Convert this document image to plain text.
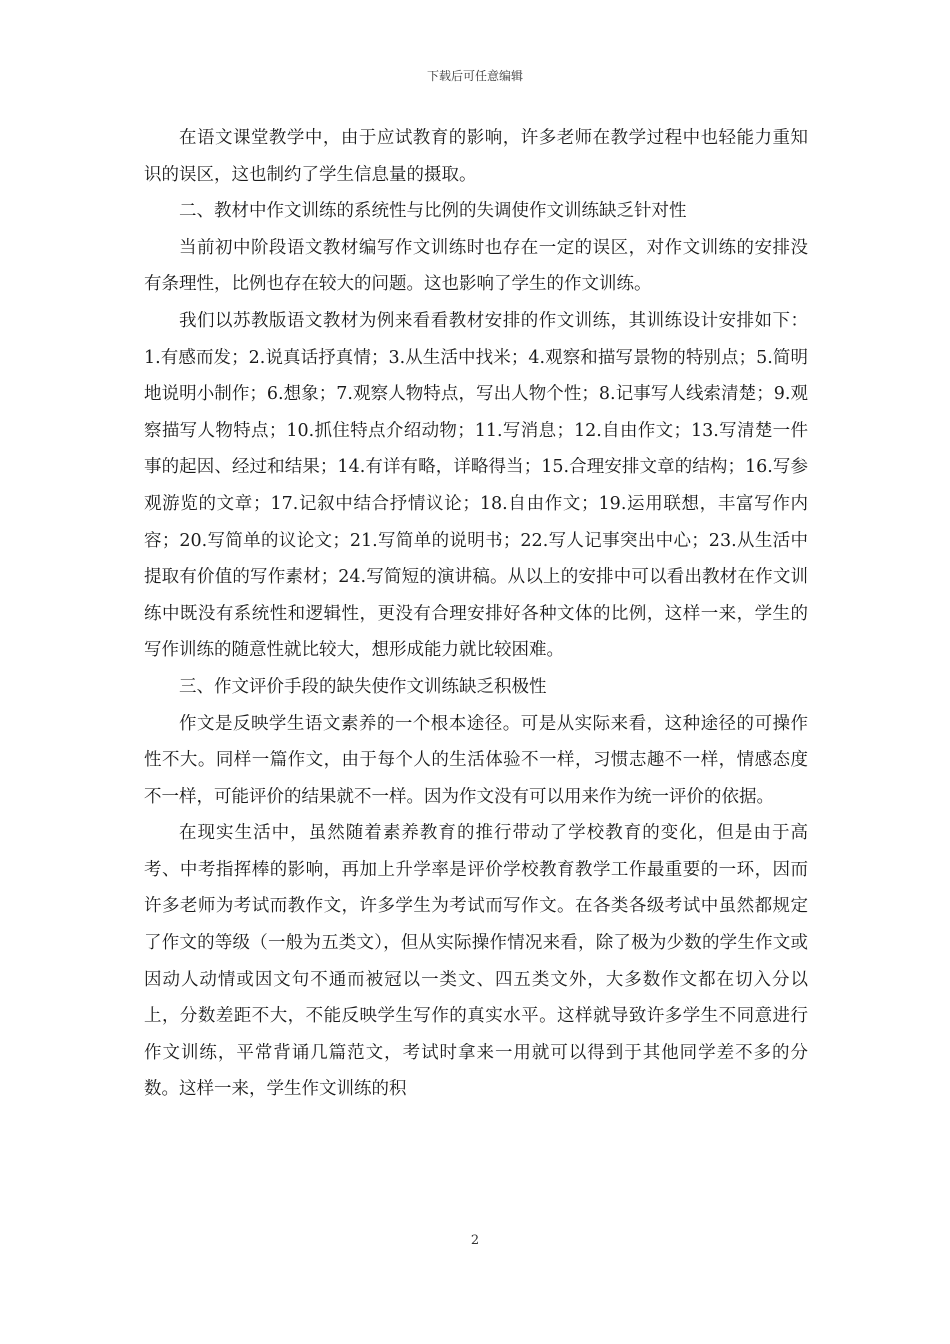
下载后可任意编辑

在语文课堂教学中，由于应试教育的影响，许多老师在教学过程中也轻能力重知识的误区，这也制约了学生信息量的摄取。

二、教材中作文训练的系统性与比例的失调使作文训练缺乏针对性

当前初中阶段语文教材编写作文训练时也存在一定的误区，对作文训练的安排没有条理性，比例也存在较大的问题。这也影响了学生的作文训练。

我们以苏教版语文教材为例来看看教材安排的作文训练，其训练设计安排如下：1.有感而发；2.说真话抒真情；3.从生活中找米；4.观察和描写景物的特别点；5.简明地说明小制作；6.想象；7.观察人物特点，写出人物个性；8.记事写人线索清楚；9.观察描写人物特点；10.抓住特点介绍动物；11.写消息；12.自由作文；13.写清楚一件事的起因、经过和结果；14.有详有略，详略得当；15.合理安排文章的结构；16.写参观游览的文章；17.记叙中结合抒情议论；18.自由作文；19.运用联想，丰富写作内容；20.写简单的议论文；21.写简单的说明书；22.写人记事突出中心；23.从生活中提取有价值的写作素材；24.写简短的演讲稿。从以上的安排中可以看出教材在作文训练中既没有系统性和逻辑性，更没有合理安排好各种文体的比例，这样一来，学生的写作训练的随意性就比较大，想形成能力就比较困难。

三、作文评价手段的缺失使作文训练缺乏积极性

作文是反映学生语文素养的一个根本途径。可是从实际来看，这种途径的可操作性不大。同样一篇作文，由于每个人的生活体验不一样，习惯志趣不一样，情感态度不一样，可能评价的结果就不一样。因为作文没有可以用来作为统一评价的依据。

在现实生活中，虽然随着素养教育的推行带动了学校教育的变化，但是由于高考、中考指挥棒的影响，再加上升学率是评价学校教育教学工作最重要的一环，因而许多老师为考试而教作文，许多学生为考试而写作文。在各类各级考试中虽然都规定了作文的等级（一般为五类文），但从实际操作情况来看，除了极为少数的学生作文或因动人动情或因文句不通而被冠以一类文、四五类文外，大多数作文都在切入分以上，分数差距不大，不能反映学生写作的真实水平。这样就导致许多学生不同意进行作文训练，平常背诵几篇范文，考试时拿来一用就可以得到于其他同学差不多的分数。这样一来，学生作文训练的积

2
